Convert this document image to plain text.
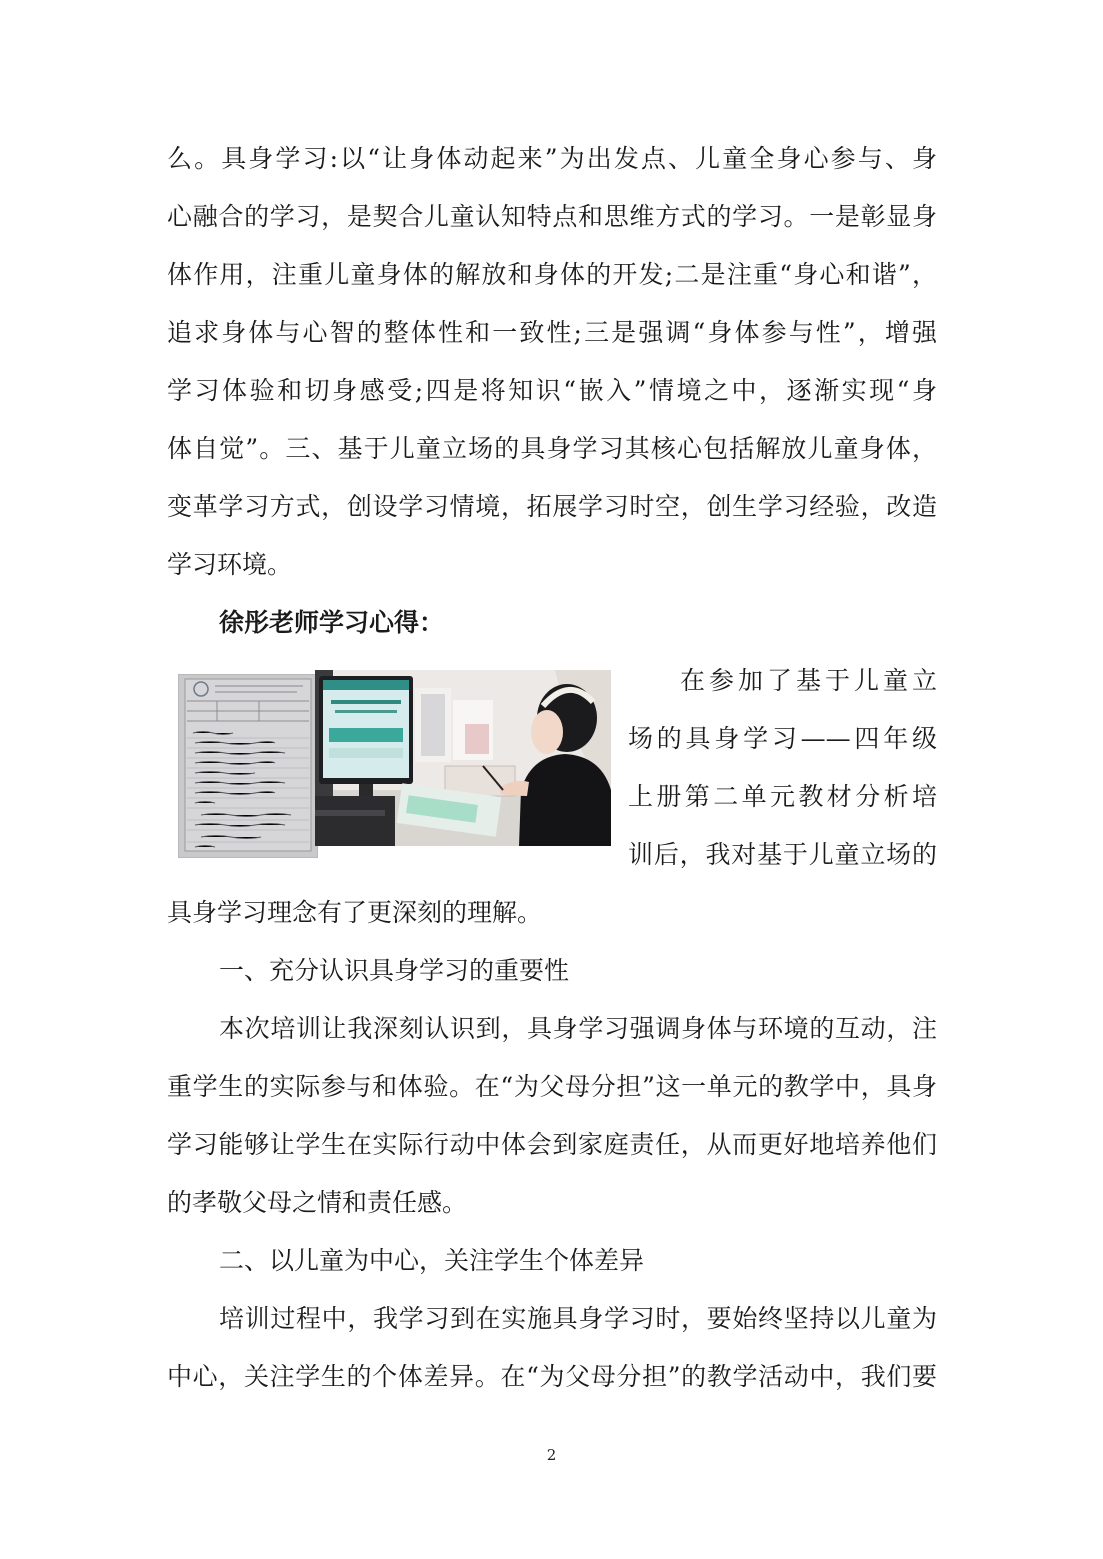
么。具身学习:以“让身体动起来”为出发点、儿童全身心参与、身
心融合的学习，是契合儿童认知特点和思维方式的学习。一是彰显身
体作用，注重儿童身体的解放和身体的开发;二是注重“身心和谐”，
追求身体与心智的整体性和一致性;三是强调“身体参与性”，增强
学习体验和切身感受;四是将知识“嵌入”情境之中，逐渐实现“身
体自觉”。三、基于儿童立场的具身学习其核心包括解放儿童身体，
变革学习方式，创设学习情境，拓展学习时空，创生学习经验，改造
学习环境。
徐彤老师学习心得：
在参加了基于儿童立
场的具身学习——四年级
上册第二单元教材分析培
训后，我对基于儿童立场的
具身学习理念有了更深刻的理解。
一、充分认识具身学习的重要性
本次培训让我深刻认识到，具身学习强调身体与环境的互动，注
重学生的实际参与和体验。在“为父母分担”这一单元的教学中，具身
学习能够让学生在实际行动中体会到家庭责任，从而更好地培养他们
的孝敬父母之情和责任感。
二、以儿童为中心，关注学生个体差异
培训过程中，我学习到在实施具身学习时，要始终坚持以儿童为
中心，关注学生的个体差异。在“为父母分担”的教学活动中，我们要
2
